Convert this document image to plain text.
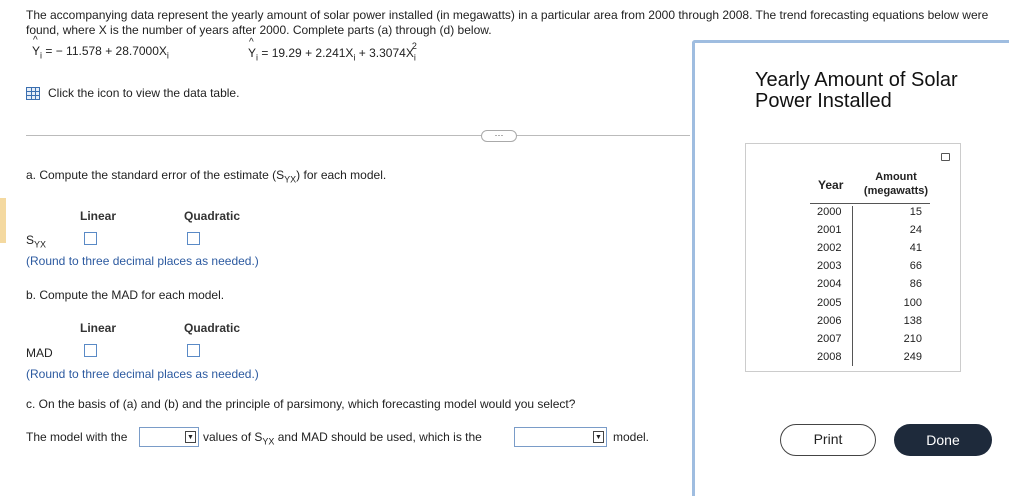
The accompanying data represent the yearly amount of solar power installed (in megawatts) in a particular area from 2000 through 2008. The trend forecasting equations below were found, where X is the number of years after 2000. Complete parts (a) through (d) below.
^ $Y_i$ = − $11.578 + 28.7000X_i$	^ $Y_i = 19.29 + 2.241X_i + 3.3074X_i^2$
Click the icon to view the data table.
⋯
a. Compute the standard error of the estimate $(S_{YX})$ for each model.
Linear	Quadratic
$S_{YX}$
(Round to three decimal places as needed.)
b. Compute the MAD for each model.
Linear	Quadratic
MAD
(Round to three decimal places as needed.)
c. On the basis of (a) and (b) and the principle of parsimony, which forecasting model would you select?
The model with the	▼ values of $S_{YX}$ and MAD should be used, which is the	▼ model.
Yearly Amount of Solar
Power Installed
Year
Amount
(megawatts)
2000	15
2001	24
2002	41
2003	66
2004	86
2005	100
2006	138
2007	210
2008	249
Print	Done
